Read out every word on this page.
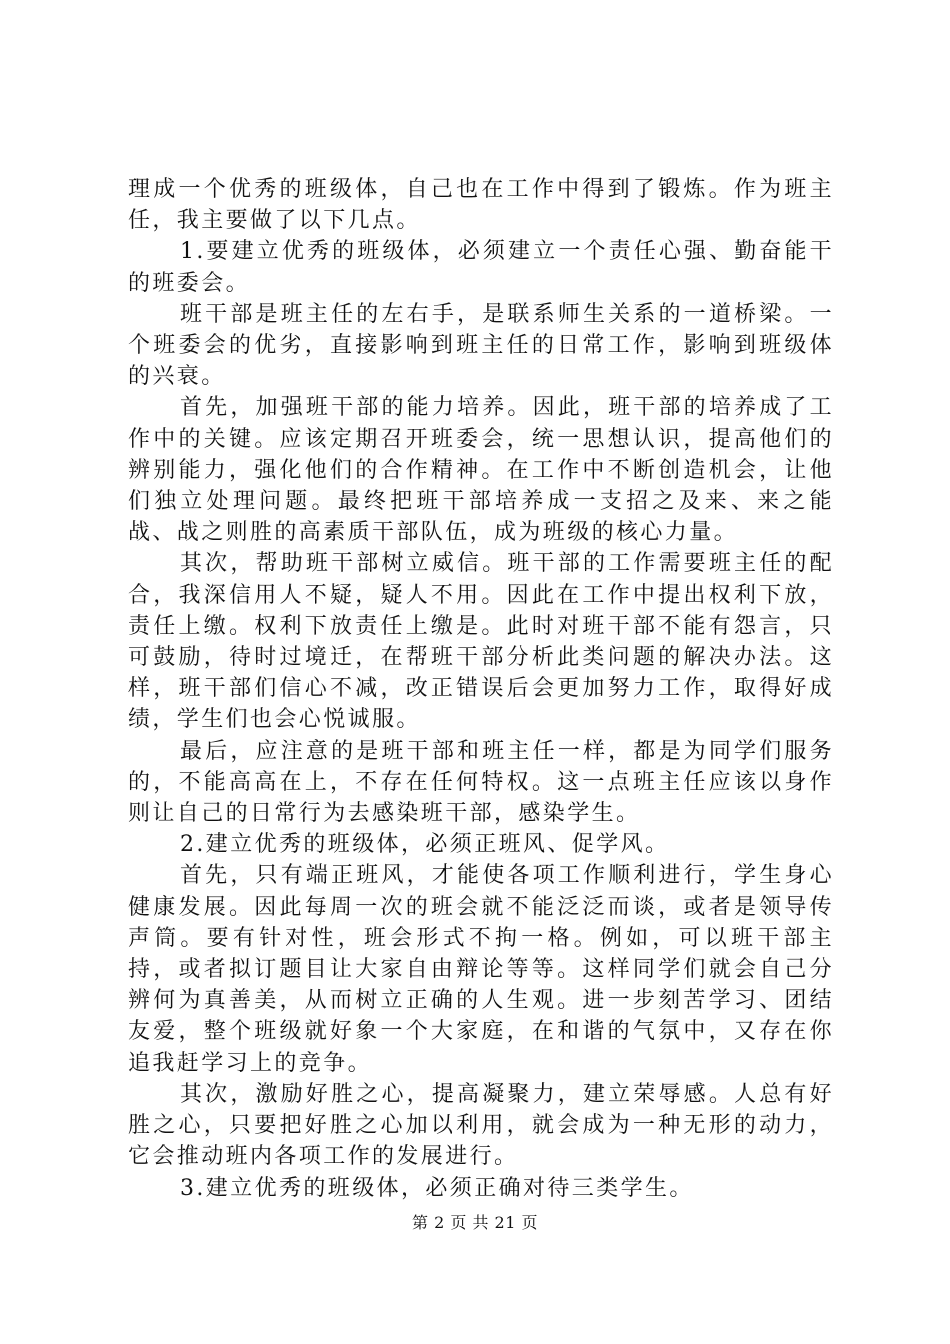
理成一个优秀的班级体，自己也在工作中得到了锻炼。作为班主任，我主要做了以下几点。

1.要建立优秀的班级体，必须建立一个责任心强、勤奋能干的班委会。

班干部是班主任的左右手，是联系师生关系的一道桥梁。一个班委会的优劣，直接影响到班主任的日常工作，影响到班级体的兴衰。

首先，加强班干部的能力培养。因此，班干部的培养成了工作中的关键。应该定期召开班委会，统一思想认识，提高他们的辨别能力，强化他们的合作精神。在工作中不断创造机会，让他们独立处理问题。最终把班干部培养成一支招之及来、来之能战、战之则胜的高素质干部队伍，成为班级的核心力量。

其次，帮助班干部树立威信。班干部的工作需要班主任的配合，我深信用人不疑，疑人不用。因此在工作中提出权利下放，责任上缴。权利下放责任上缴是。此时对班干部不能有怨言，只可鼓励，待时过境迁，在帮班干部分析此类问题的解决办法。这样，班干部们信心不减，改正错误后会更加努力工作，取得好成绩，学生们也会心悦诚服。

最后，应注意的是班干部和班主任一样，都是为同学们服务的，不能高高在上，不存在任何特权。这一点班主任应该以身作则让自己的日常行为去感染班干部，感染学生。

2.建立优秀的班级体，必须正班风、促学风。

首先，只有端正班风，才能使各项工作顺利进行，学生身心健康发展。因此每周一次的班会就不能泛泛而谈，或者是领导传声筒。要有针对性，班会形式不拘一格。例如，可以班干部主持，或者拟订题目让大家自由辩论等等。这样同学们就会自己分辨何为真善美，从而树立正确的人生观。进一步刻苦学习、团结友爱，整个班级就好象一个大家庭，在和谐的气氛中，又存在你追我赶学习上的竞争。

其次，激励好胜之心，提高凝聚力，建立荣辱感。人总有好胜之心，只要把好胜之心加以利用，就会成为一种无形的动力，它会推动班内各项工作的发展进行。

3.建立优秀的班级体，必须正确对待三类学生。

第 2 页 共 21 页
